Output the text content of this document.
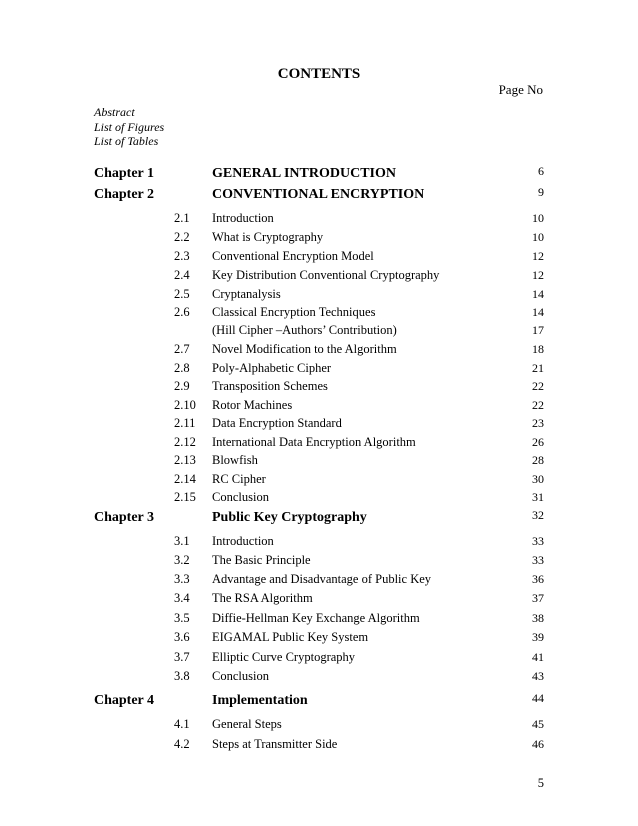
CONTENTS
Page No
Abstract
List of Figures
List of Tables
Chapter 1	GENERAL INTRODUCTION	6
Chapter 2	CONVENTIONAL ENCRYPTION	9
2.1 Introduction	10
2.2 What is Cryptography	10
2.3 Conventional Encryption Model	12
2.4 Key Distribution Conventional Cryptography	12
2.5 Cryptanalysis	14
2.6 Classical Encryption Techniques	14
(Hill Cipher –Authors’ Contribution)	17
2.7 Novel Modification to the Algorithm	18
2.8 Poly-Alphabetic Cipher	21
2.9 Transposition Schemes	22
2.10 Rotor Machines	22
2.11 Data Encryption Standard	23
2.12 International Data Encryption Algorithm	26
2.13 Blowfish	28
2.14 RC Cipher	30
2.15 Conclusion	31
Chapter 3	Public Key Cryptography	32
3.1 Introduction	33
3.2 The Basic Principle	33
3.3 Advantage and Disadvantage of Public Key	36
3.4 The RSA Algorithm	37
3.5 Diffie-Hellman Key Exchange Algorithm	38
3.6 EIGAMAL Public Key System	39
3.7 Elliptic Curve Cryptography	41
3.8 Conclusion	43
Chapter 4	Implementation	44
4.1 General Steps	45
4.2 Steps at Transmitter Side	46
5
